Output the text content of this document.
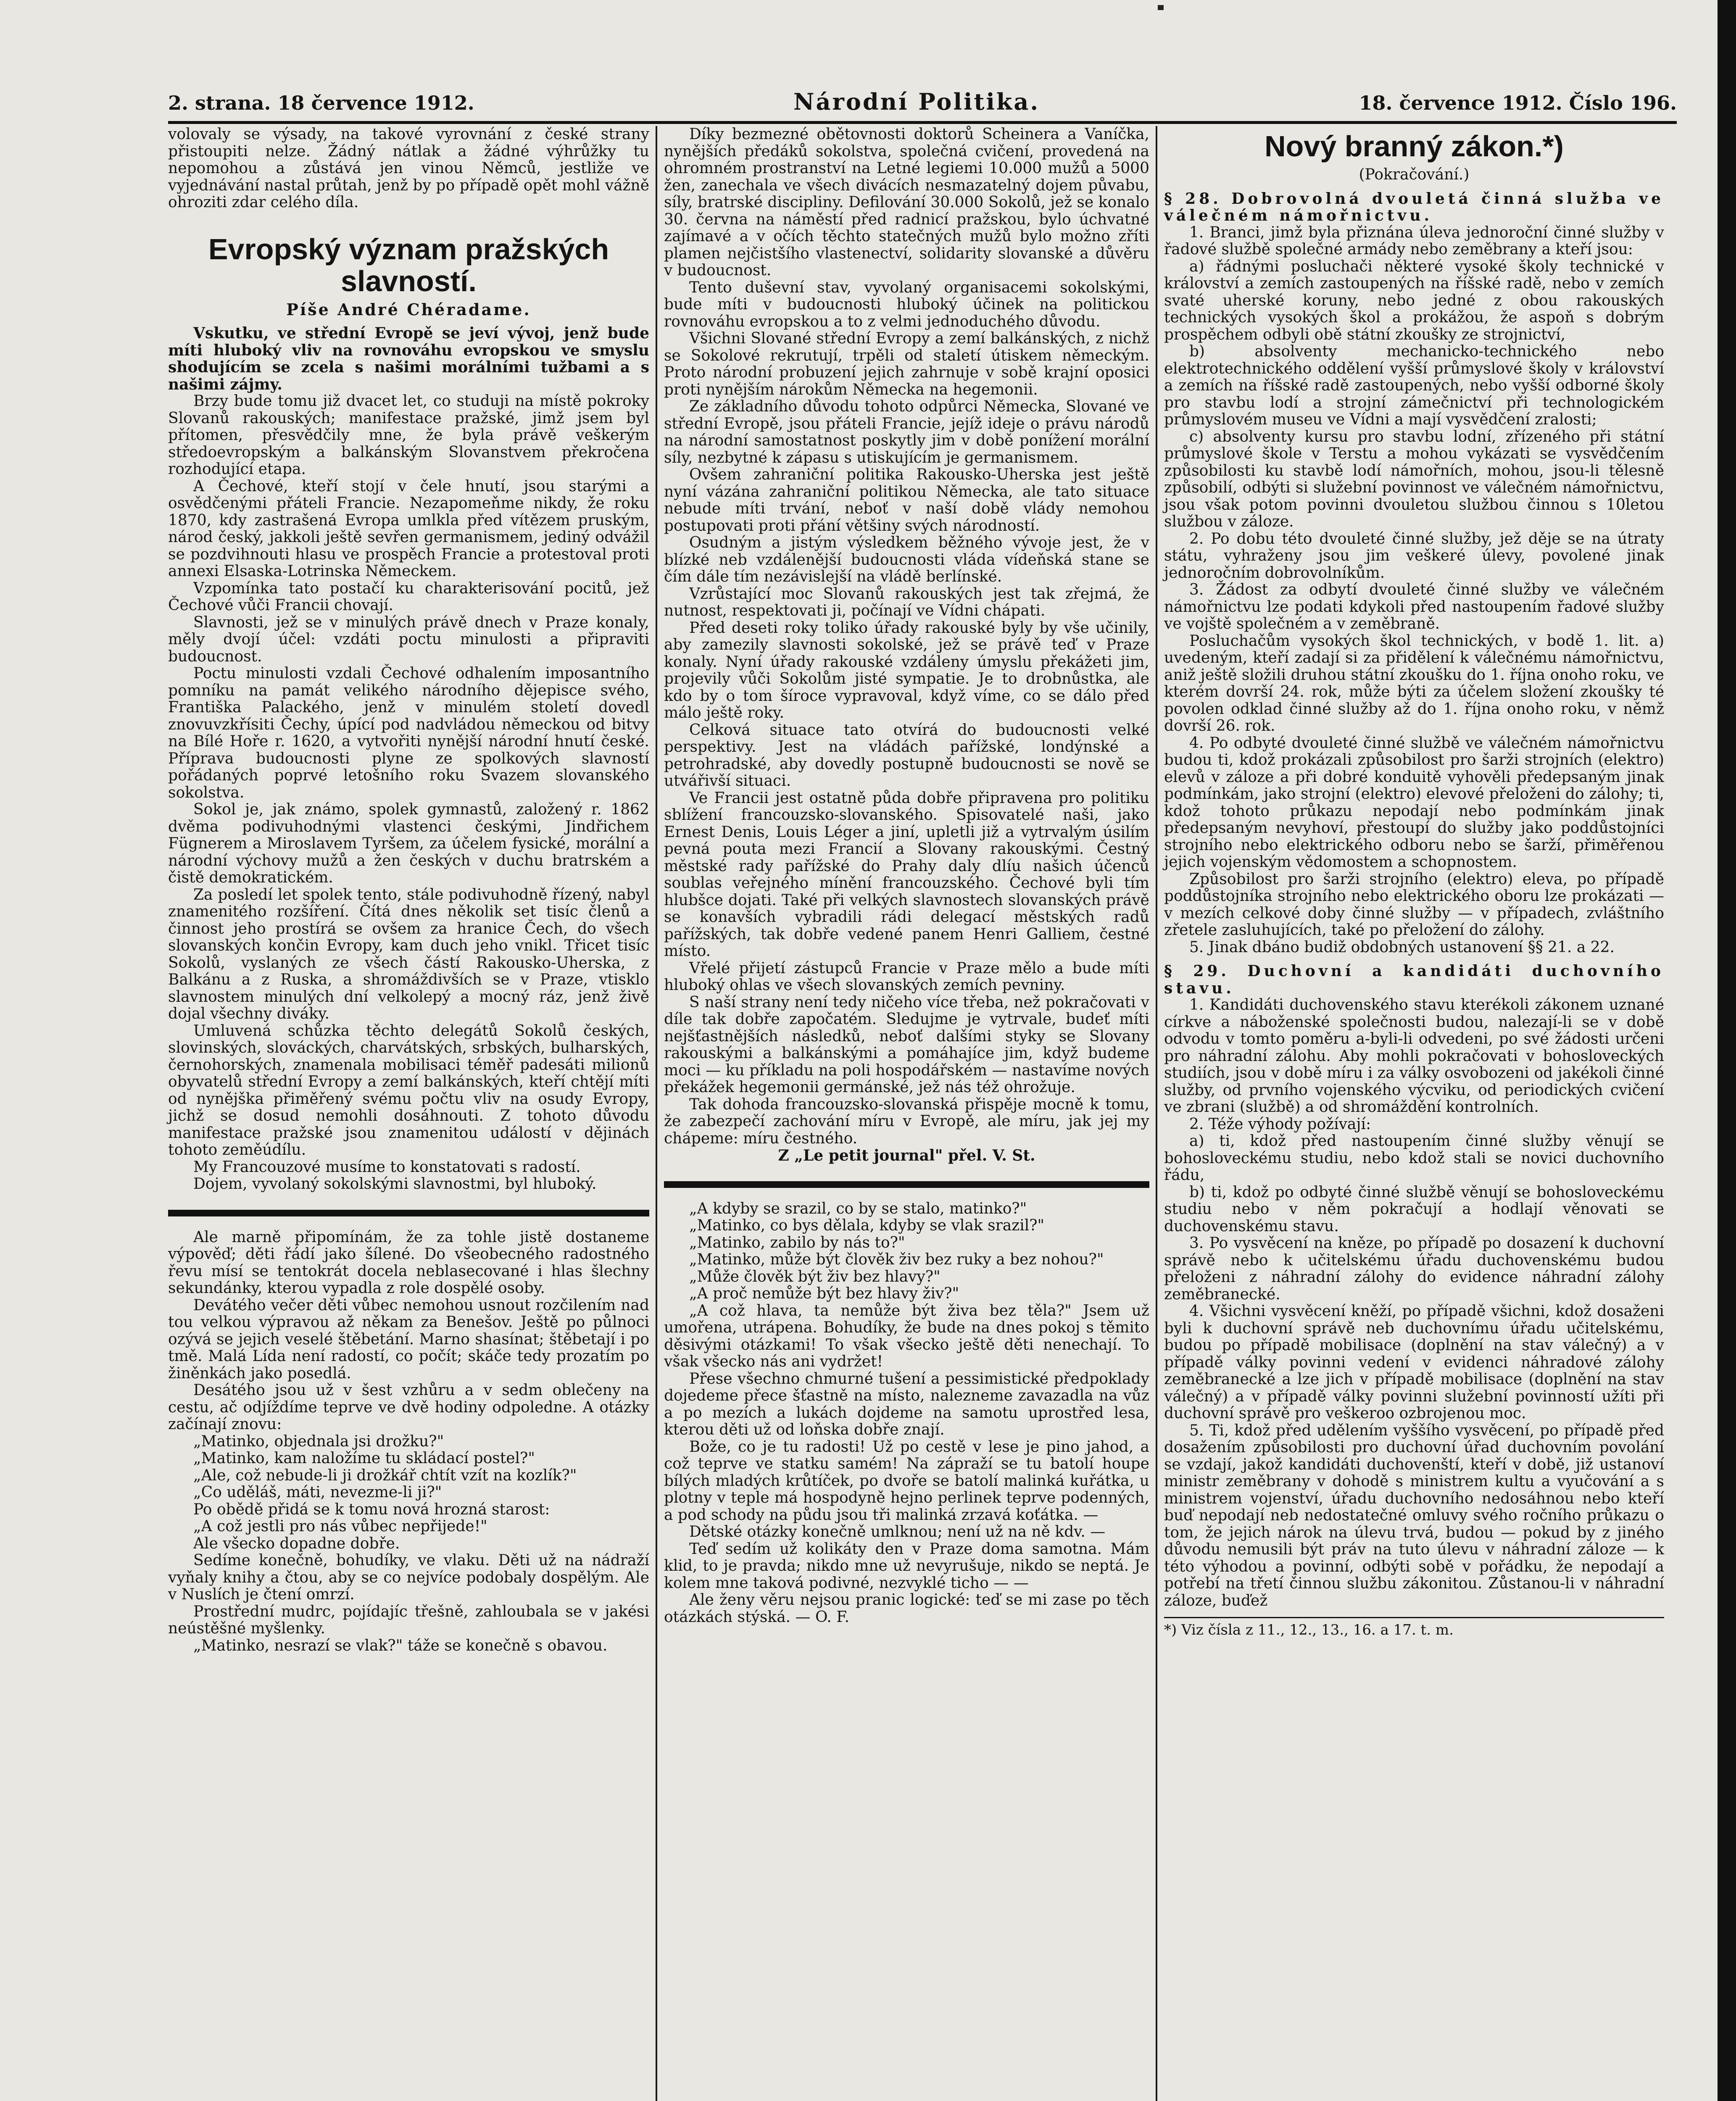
2. strana. 18 července 1912.	Národní Politika.	18. července 1912. Číslo 196.

volovaly se výsady, na takové vyrovnání z české strany přistoupiti nelze. Žádný nátlak a žádné výhrůžky tu nepomohou a zůstává jen vinou Němců, jestliže ve vyjednávání nastal průtah, jenž by po případě opět mohl vážně ohroziti zdar celého díla.

Evropský význam pražských slavností.
Píše André Chéradame.

Vskutku, ve střední Evropě se jeví vývoj, jenž bude míti hluboký vliv na rovnováhu evropskou ve smyslu shodujícím se zcela s našimi morálními tužbami a s našimi zájmy.

Brzy bude tomu již dvacet let, co studuji na místě pokroky Slovanů rakouských; manifestace pražské, jimž jsem byl přítomen, přesvědčily mne, že byla právě veškerým středoevropským a balkánským Slovanstvem překročena rozhodující etapa.

A Čechové, kteří stojí v čele hnutí, jsou starými a osvědčenými přáteli Francie. Nezapomeňme nikdy, že roku 1870, kdy zastrašená Evropa umlkla před vítězem pruským, národ český, jakkoli ještě sevřen germanismem, jediný odvážil se pozdvihnouti hlasu ve prospěch Francie a protestoval proti annexi Elsaska-Lotrinska Německem.

Vzpomínka tato postačí ku charakterisování pocitů, jež Čechové vůči Francii chovají.

Slavnosti, jež se v minulých právě dnech v Praze konaly, měly dvojí účel: vzdáti poctu minulosti a připraviti budoucnost.

Poctu minulosti vzdali Čechové odhalením imposantního pomníku na památ velikého národního dějepisce svého, Františka Palackého, jenž v minulém století dovedl znovuvzkřísiti Čechy, úpící pod nadvládou německou od bitvy na Bílé Hoře r. 1620, a vytvořiti nynější národní hnutí české. Příprava budoucnosti plyne ze spolkových slavností pořádaných poprvé letošního roku Svazem slovanského sokolstva.

Sokol je, jak známo, spolek gymnastů, založený r. 1862 dvěma podivuhodnými vlastenci českými, Jindřichem Fügnerem a Miroslavem Tyršem, za účelem fysické, morální a národní výchovy mužů a žen českých v duchu bratrském a čistě demokratickém.

Za posledí let spolek tento, stále podivuhodně řízený, nabyl znamenitého rozšíření. Čítá dnes několik set tisíc členů a činnost jeho prostírá se ovšem za hranice Čech, do všech slovanských končin Evropy, kam duch jeho vnikl. Třicet tisíc Sokolů, vyslaných ze všech částí Rakousko-Uherska, z Balkánu a z Ruska, a shromáždivších se v Praze, vtisklo slavnostem minulých dní velkolepý a mocný ráz, jenž živě dojal všechny diváky.

Umluvená schůzka těchto delegátů Sokolů českých, slovinských, slováckých, charvátských, srbských, bulharských, černohorských, znamenala mobilisaci téměř padesáti milionů obyvatelů střední Evropy a zemí balkánských, kteří chtějí míti od nynějška přiměřený svému počtu vliv na osudy Evropy, jichž se dosud nemohli dosáhnouti. Z tohoto důvodu manifestace pražské jsou znamenitou událostí v dějinách tohoto zeměúdílu.

My Francouzové musíme to konstatovati s radostí.

Dojem, vyvolaný sokolskými slavnostmi, byl hluboký.

Ale marně připomínám, že za tohle jistě dostaneme výpověď; děti řádí jako šílené. Do všeobecného radostného řevu mísí se tentokrát docela neblasecované i hlas šlechny sekundánky, kterou vypadla z role dospělé osoby.

Devátého večer děti vůbec nemohou usnout rozčilením nad tou velkou výpravou až někam za Benešov. Ještě po půlnoci ozývá se jejich veselé štěbetání. Marno shasínat; štěbetají i po tmě. Malá Lída není radostí, co počít; skáče tedy prozatím po žiněnkách jako posedlá.

Desátého jsou už v šest vzhůru a v sedm oblečeny na cestu, ač odjíždíme teprve ve dvě hodiny odpoledne. A otázky začínají znovu:

„Matinko, objednala jsi drožku?"

„Matinko, kam naložíme tu skládací postel?"

„Ale, což nebude-li ji drožkář chtít vzít na kozlík?"

„Co uděláš, máti, nevezme-li ji?"

Po obědě přidá se k tomu nová hrozná starost:

„A což jestli pro nás vůbec nepřijede!"

Ale všecko dopadne dobře.

Sedíme konečně, bohudíky, ve vlaku. Děti už na nádraží vyňaly knihy a čtou, aby se co nejvíce podobaly dospělým. Ale v Nuslích je čtení omrzí.

Prostřední mudrc, pojídajíc třešně, zahloubala se v jakési neústěšné myšlenky.

„Matinko, nesrazí se vlak?" táže se konečně s obavou.

Díky bezmezné obětovnosti doktorů Scheinera a Vaníčka, nynějších předáků sokolstva, společná cvičení, provedená na ohromném prostranství na Letné legiemi 10.000 mužů a 5000 žen, zanechala ve všech divácích nesmazatelný dojem půvabu, síly, bratrské discipliny. Defilování 30.000 Sokolů, jež se konalo 30. června na náměstí před radnicí pražskou, bylo úchvatné zajímavé a v očích těchto statečných mužů bylo možno zříti plamen nejčistšího vlastenectví, solidarity slovanské a důvěru v budoucnost.

Tento duševní stav, vyvolaný organisacemi sokolskými, bude míti v budoucnosti hluboký účinek na politickou rovnováhu evropskou a to z velmi jednoduchého důvodu.

Všichni Slované střední Evropy a zemí balkánských, z nichž se Sokolové rekrutují, trpěli od staletí útiskem německým. Proto národní probuzení jejich zahrnuje v sobě krajní oposici proti nynějším nárokům Německa na hegemonii.

Ze základního důvodu tohoto odpůrci Německa, Slované ve střední Evropě, jsou přáteli Francie, jejíž ideje o právu národů na národní samostatnost poskytly jim v době ponížení morální síly, nezbytné k zápasu s utiskujícím je germanismem.

Ovšem zahraniční politika Rakousko-Uherska jest ještě nyní vázána zahraniční politikou Německa, ale tato situace nebude míti trvání, neboť v naší době vlády nemohou postupovati proti přání většiny svých národností.

Osudným a jistým výsledkem běžného vývoje jest, že v blízké neb vzdálenější budoucnosti vláda vídeňská stane se čím dále tím nezávislejší na vládě berlínské.

Vzrůstající moc Slovanů rakouských jest tak zřejmá, že nutnost, respektovati ji, počínají ve Vídni chápati.

Před deseti roky toliko úřady rakouské byly by vše učinily, aby zamezily slavnosti sokolské, jež se právě teď v Praze konaly. Nyní úřady rakouské vzdáleny úmyslu překážeti jim, projevily vůči Sokolům jisté sympatie. Je to drobnůstka, ale kdo by o tom šíroce vypravoval, když víme, co se dálo před málo ještě roky.

Celková situace tato otvírá do budoucnosti velké perspektivy. Jest na vládách pařížské, londýnské a petrohradské, aby dovedly postupně budoucnosti se nově se utvářivší situaci.

Ve Francii jest ostatně půda dobře připravena pro politiku sblížení francouzsko-slovanského. Spisovatelé naši, jako Ernest Denis, Louis Léger a jiní, upletli již a vytrvalým úsilím pevná pouta mezi Francií a Slovany rakouskými. Čestný městské rady pařížské do Prahy daly dlíu našich účenců soublas veřejného mínění francouzského. Čechové byli tím hlubšce dojati. Také při velkých slavnostech slovanských právě se konavších vybradili rádi delegací městských radů pařížských, tak dobře vedené panem Henri Galliem, čestné místo.

Vřelé přijetí zástupců Francie v Praze mělo a bude míti hluboký ohlas ve všech slovanských zemích pevniny.

S naší strany není tedy ničeho více třeba, než pokračovati v díle tak dobře započatém. Sledujme je vytrvale, budeť míti nejšťastnějších následků, neboť dalšími styky se Slovany rakouskými a balkánskými a pomáhajíce jim, když budeme moci — ku příkladu na poli hospodářském — nastavíme nových překážek hegemonii germánské, jež nás též ohrožuje.

Tak dohoda francouzsko-slovanská přispěje mocně k tomu, že zabezpečí zachování míru v Evropě, ale míru, jak jej my chápeme: míru čestného.

Z „Le petit journal" přel. V. St.

„A kdyby se srazil, co by se stalo, matinko?"

„Matinko, co bys dělala, kdyby se vlak srazil?"

„Matinko, zabilo by nás to?"

„Matinko, může být člověk živ bez ruky a bez nohou?"

„Může člověk být živ bez hlavy?"

„A proč nemůže být bez hlavy živ?"

„A což hlava, ta nemůže být živa bez těla?" Jsem už umořena, utrápena. Bohudíky, že bude na dnes pokoj s těmito děsivými otázkami! To však všecko ještě děti nenechají. To však všecko nás ani vydržet!

Přese všechno chmurné tušení a pessimistické předpoklady dojedeme přece šťastně na místo, nalezneme zavazadla na vůz a po mezích a lukách dojdeme na samotu uprostřed lesa, kterou děti už od loňska dobře znají.

Bože, co je tu radosti! Už po cestě v lese je pino jahod, a což teprve ve statku samém! Na zápraží se tu batolí houpe bílých mladých krůtíček, po dvoře se batolí malinká kuřátka, u plotny v teple má hospodyně hejno perlinek teprve podenných, a pod schody na půdu jsou tři malinká zrzavá koťátka. —

Dětské otázky konečně umlknou; není už na ně kdv. —

Teď sedím už kolikáty den v Praze doma samotna. Mám klid, to je pravda; nikdo mne už nevyrušuje, nikdo se neptá. Je kolem mne taková podivné, nezvyklé ticho — —

Ale ženy věru nejsou pranic logické: teď se mi zase po těch otázkách stýská. — O. F.

Nový branný zákon.*)

(Pokračování.)

§ 28. Dobrovolná dvouletá činná služba ve válečném námořnictvu.

1. Branci, jimž byla přiznána úleva jednoroční činné služby v řadové službě společné armády nebo zeměbrany a kteří jsou:

a) řádnými posluchači některé vysoké školy technické v království a zemích zastoupených na říšské radě, nebo v zemích svaté uherské koruny, nebo jedné z obou rakouských technických vysokých škol a prokážou, že aspoň s dobrým prospěchem odbyli obě státní zkoušky ze strojnictví,

b) absolventy mechanicko-technického nebo elektrotechnického oddělení vyšší průmyslové školy v království a zemích na říšské radě zastoupených, nebo vyšší odborné školy pro stavbu lodí a strojní zámečnictví při technologickém průmyslovém museu ve Vídni a mají vysvědčení zralosti;

c) absolventy kursu pro stavbu lodní, zřízeného při státní průmyslové škole v Terstu a mohou vykázati se vysvědčením způsobilosti ku stavbě lodí námořních, mohou, jsou-li tělesně způsobilí, odbýti si služební povinnost ve válečném námořnictvu, jsou však potom povinni dvouletou službou činnou s 10letou službou v záloze.

2. Po dobu této dvouleté činné služby, jež děje se na útraty státu, vyhraženy jsou jim veškeré úlevy, povolené jinak jednoročním dobrovolníkům.

3. Žádost za odbytí dvouleté činné služby ve válečném námořnictvu lze podati kdykoli před nastoupením řadové služby ve vojště společném a v zeměbraně.

Posluchačům vysokých škol technických, v bodě 1. lit. a) uvedeným, kteří zadají si za přidělení k válečnému námořnictvu, aniž ještě složili druhou státní zkoušku do 1. října onoho roku, ve kterém dovrší 24. rok, může býti za účelem složení zkoušky té povolen odklad činné služby až do 1. října onoho roku, v němž dovrší 26. rok.

4. Po odbyté dvouleté činné službě ve válečném námořnictvu budou ti, kdož prokázali způsobilost pro šarži strojních (elektro) elevů v záloze a při dobré konduitě vyhověli předepsaným jinak podmínkám, jako strojní (elektro) elevové přeloženi do zálohy; ti, kdož tohoto průkazu nepodají nebo podmínkám jinak předepsaným nevyhoví, přestoupí do služby jako poddůstojníci strojního nebo elektrického odboru nebo se šarží, přiměřenou jejich vojenským vědomostem a schopnostem.

Způsobilost pro šarži strojního (elektro) eleva, po případě poddůstojníka strojního nebo elektrického oboru lze prokázati — v mezích celkové doby činné služby — v případech, zvláštního zřetele zasluhujících, také po přeložení do zálohy.

5. Jinak dbáno budiž obdobných ustanovení §§ 21. a 22.

§ 29. Duchovní a kandidáti duchovního stavu.

1. Kandidáti duchovenského stavu kterékoli zákonem uznané církve a náboženské společnosti budou, nalezají-li se v době odvodu v tomto poměru a-byli-li odvedeni, po své žádosti určeni pro náhradní zálohu. Aby mohli pokračovati v bohosloveckých studiích, jsou v době míru i za války osvobozeni od jakékoli činné služby, od prvního vojenského výcviku, od periodických cvičení ve zbrani (službě) a od shromáždění kontrolních.

2. Téže výhody požívají:

a) ti, kdož před nastoupením činné služby věnují se bohosloveckému studiu, nebo kdož stali se novici duchovního řádu,

b) ti, kdož po odbyté činné službě věnují se bohosloveckému studiu nebo v něm pokračují a hodlají věnovati se duchovenskému stavu.

3. Po vysvěcení na kněze, po případě po dosazení k duchovní správě nebo k učitelskému úřadu duchovenskému budou přeloženi z náhradní zálohy do evidence náhradní zálohy zeměbranecké.

4. Všichni vysvěcení kněží, po případě všichni, kdož dosaženi byli k duchovní správě neb duchovnímu úřadu učitelskému, budou po případě mobilisace (doplnění na stav válečný) a v případě války povinni vedení v evidenci náhradové zálohy zeměbranecké a lze jich v případě mobilisace (doplnění na stav válečný) a v případě války povinni služební povinností užíti při duchovní správě pro veškeroo ozbrojenou moc.

5. Ti, kdož před udělením vyššího vysvěcení, po případě před dosažením způsobilosti pro duchovní úřad duchovním povolání se vzdají, jakož kandidáti duchovenští, kteří v době, již ustanoví ministr zeměbrany v dohodě s ministrem kultu a vyučování a s ministrem vojenství, úřadu duchovního nedosáhnou nebo kteří buď nepodají neb nedostatečné omluvy svého ročního průkazu o tom, že jejich nárok na úlevu trvá, budou — pokud by z jiného důvodu nemusili být práv na tuto úlevu v náhradní záloze — k této výhodou a povinní, odbýti sobě v pořádku, že nepodají a potřebí na třetí činnou službu zákonitou. Zůstanou-li v náhradní záloze, buďež

*) Viz čísla z 11., 12., 13., 16. a 17. t. m.
